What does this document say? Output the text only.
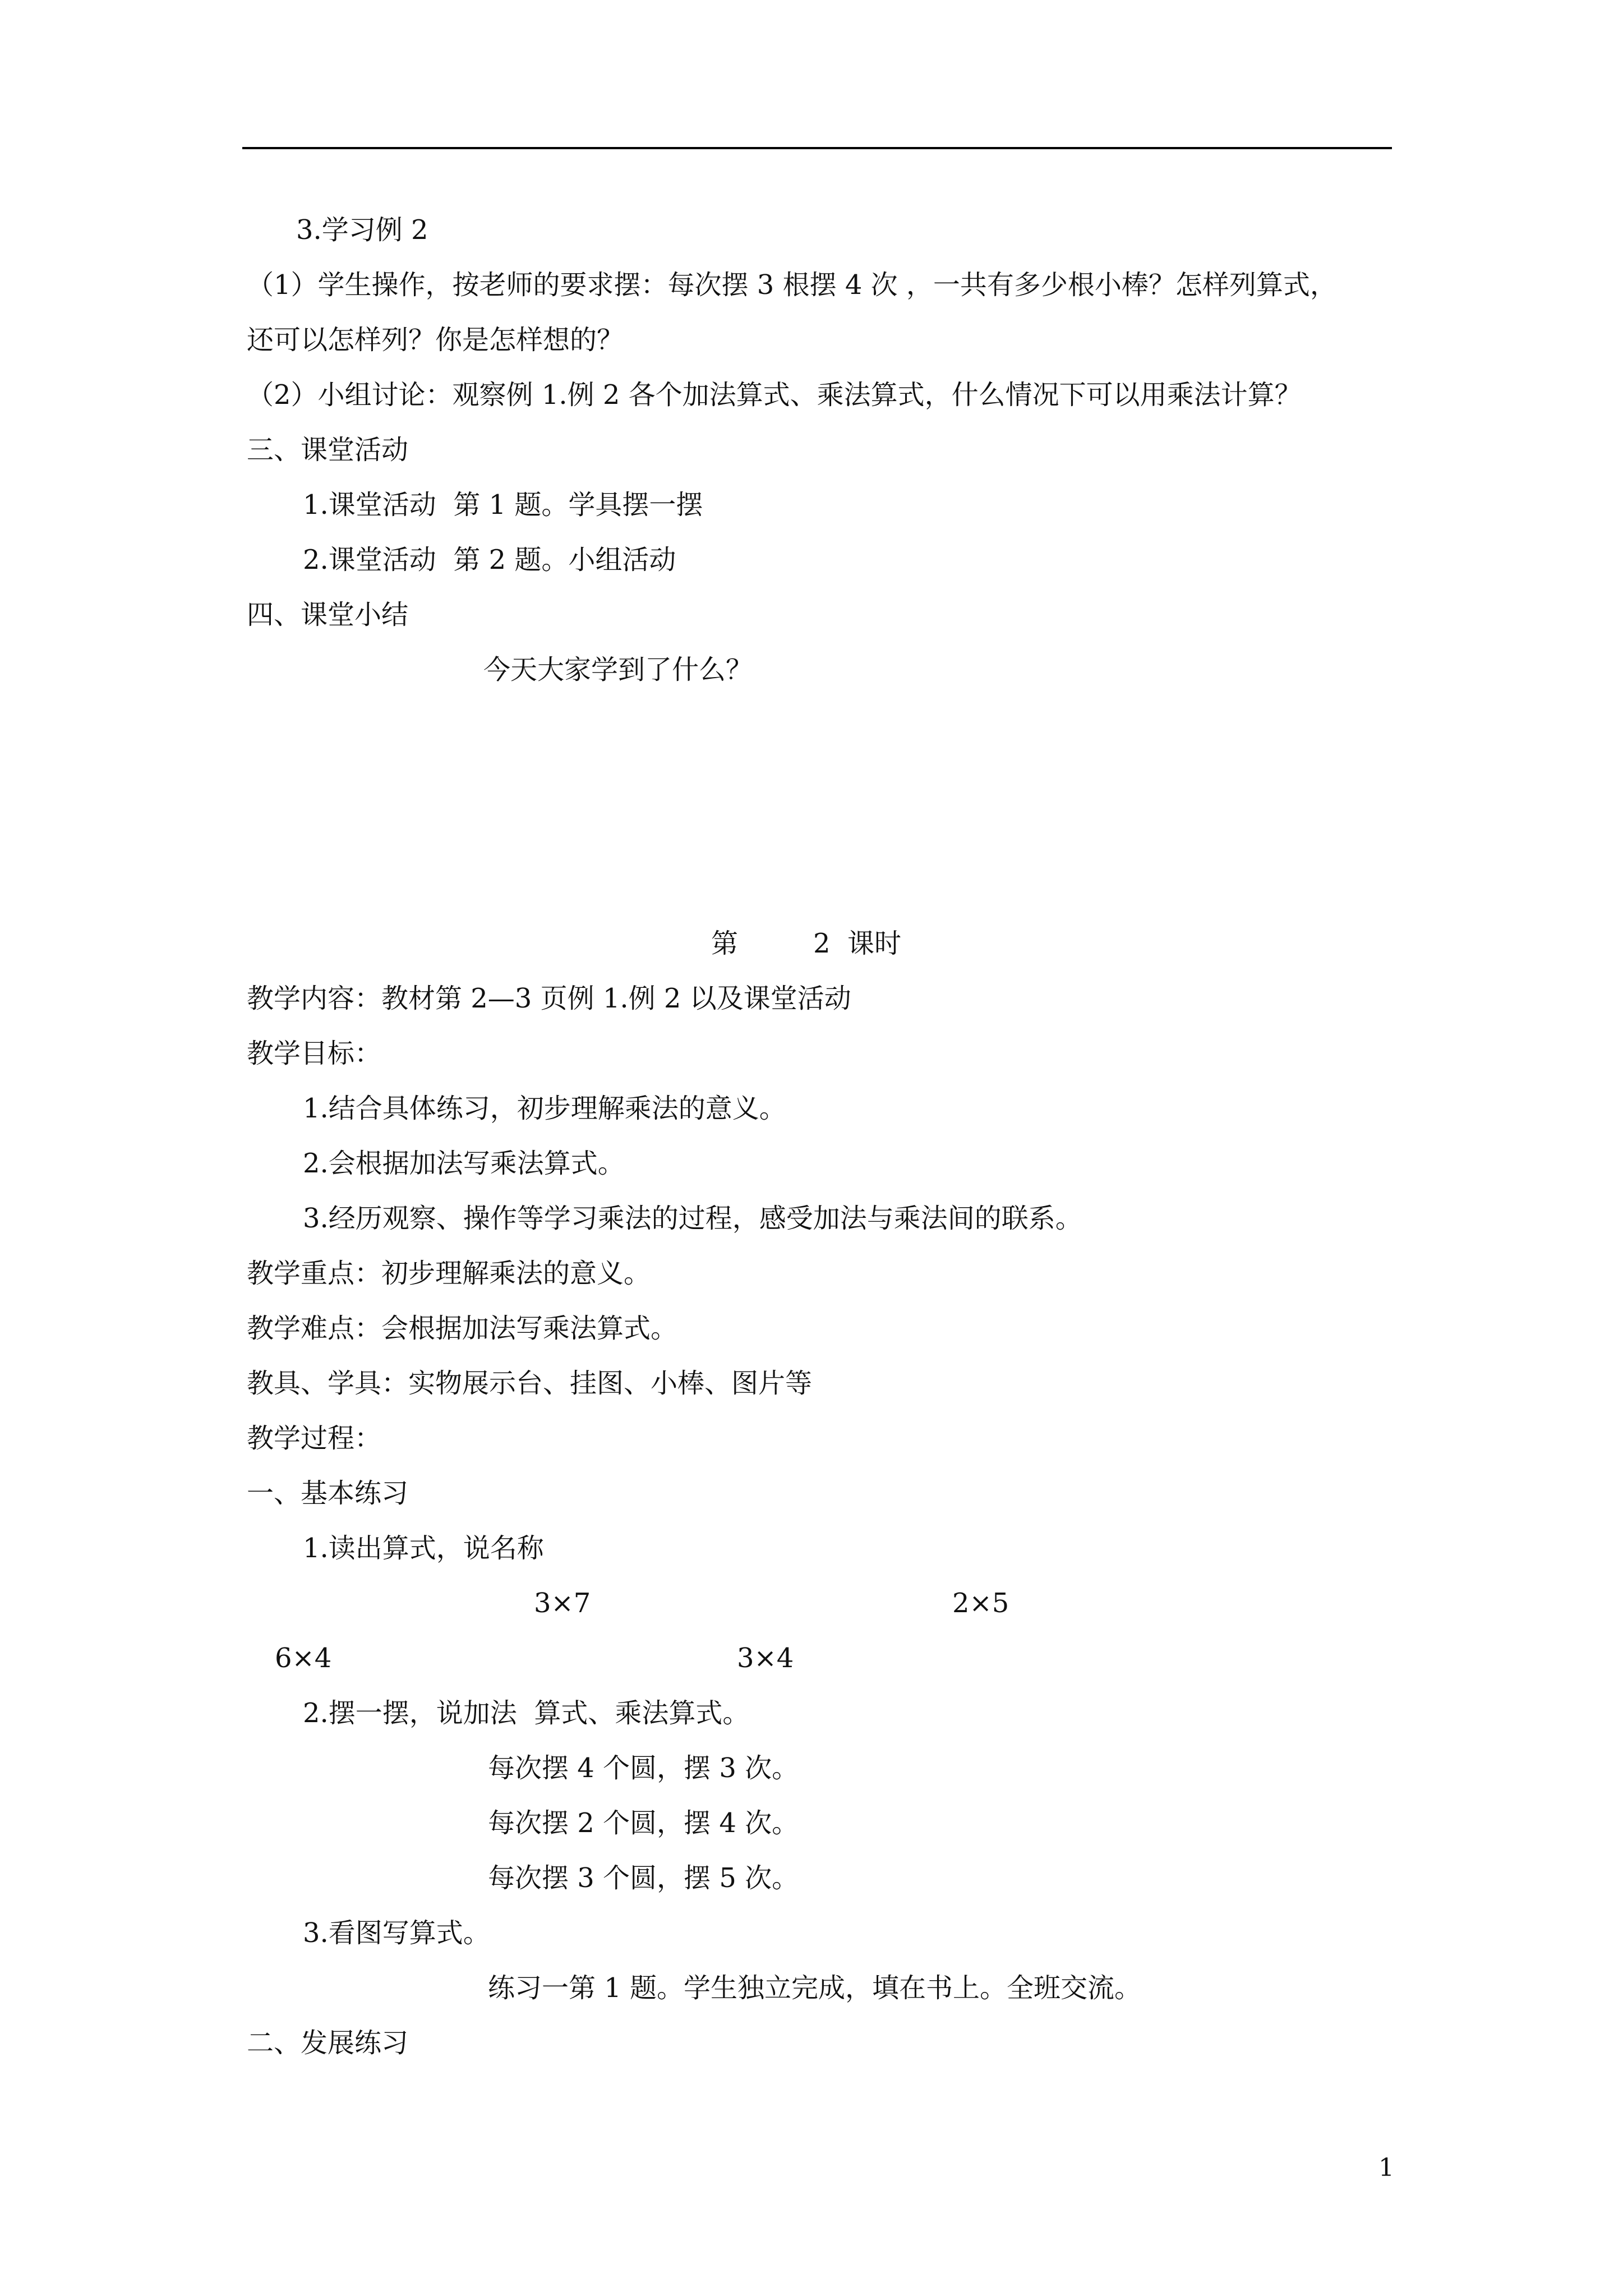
3.学习例 2
（1）学生操作，按老师的要求摆：每次摆 3 根摆 4 次 ，一共有多少根小棒？怎样列算式，
还可以怎样列？你是怎样想的？
（2）小组讨论：观察例 1.例 2 各个加法算式、乘法算式，什么情况下可以用乘法计算？
三、课堂活动
1.课堂活动  第 1 题。学具摆一摆
2.课堂活动  第 2 题。小组活动
四、课堂小结
今天大家学到了什么？
第	2  课时
教学内容：教材第 2—3 页例 1.例 2 以及课堂活动
教学目标：
1.结合具体练习，初步理解乘法的意义。
2.会根据加法写乘法算式。
3.经历观察、操作等学习乘法的过程，感受加法与乘法间的联系。
教学重点：初步理解乘法的意义。
教学难点：会根据加法写乘法算式。
教具、学具：实物展示台、挂图、小棒、图片等
教学过程：
一、基本练习
1.读出算式，说名称
3×7	2×5
6×4	3×4
2.摆一摆，说加法  算式、乘法算式。
每次摆 4 个圆，摆 3 次。
每次摆 2 个圆，摆 4 次。
每次摆 3 个圆，摆 5 次。
3.看图写算式。
练习一第 1 题。学生独立完成，填在书上。全班交流。
二、发展练习
1
